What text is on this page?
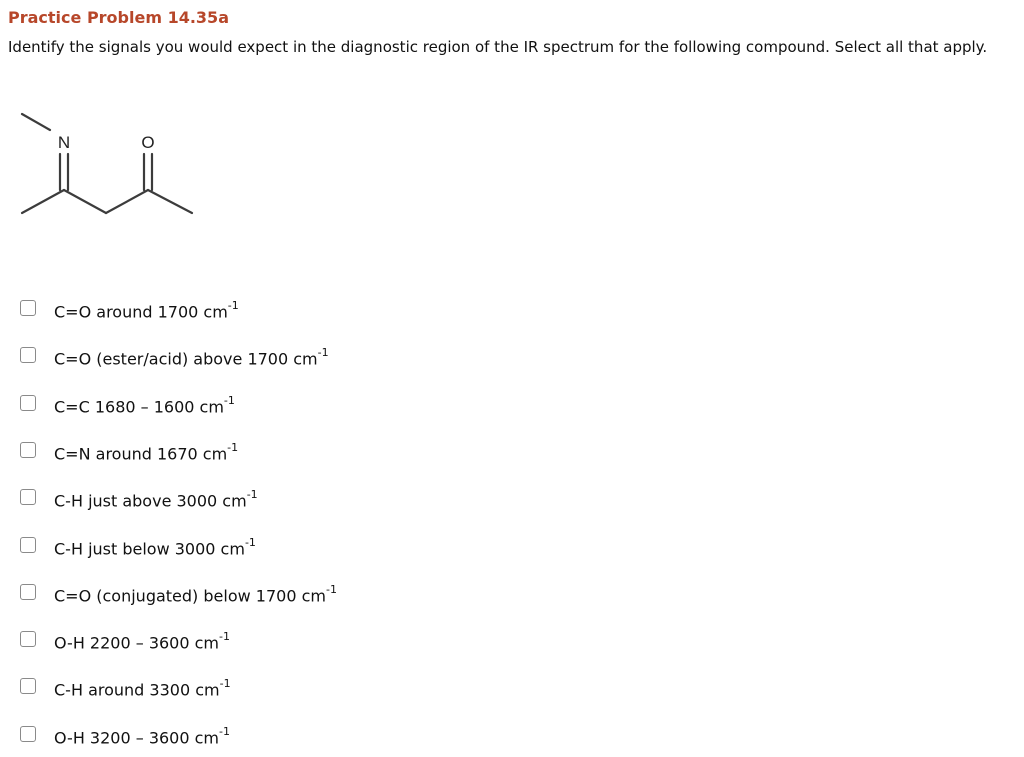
Practice Problem 14.35a
Identify the signals you would expect in the diagnostic region of the IR spectrum for the following compound. Select all that apply.
N	O
C=O around 1700 $cm^{-1}$
C=O (ester/acid) above 1700 $cm^{-1}$
C=C 1680 – 1600 $cm^{-1}$
C=N around 1670 $cm^{-1}$
C-H just above 3000 $cm^{-1}$
C-H just below 3000 $cm^{-1}$
C=O (conjugated) below 1700 $cm^{-1}$
O-H 2200 – 3600 $cm^{-1}$
C-H around 3300 $cm^{-1}$
O-H 3200 – 3600 $cm^{-1}$
